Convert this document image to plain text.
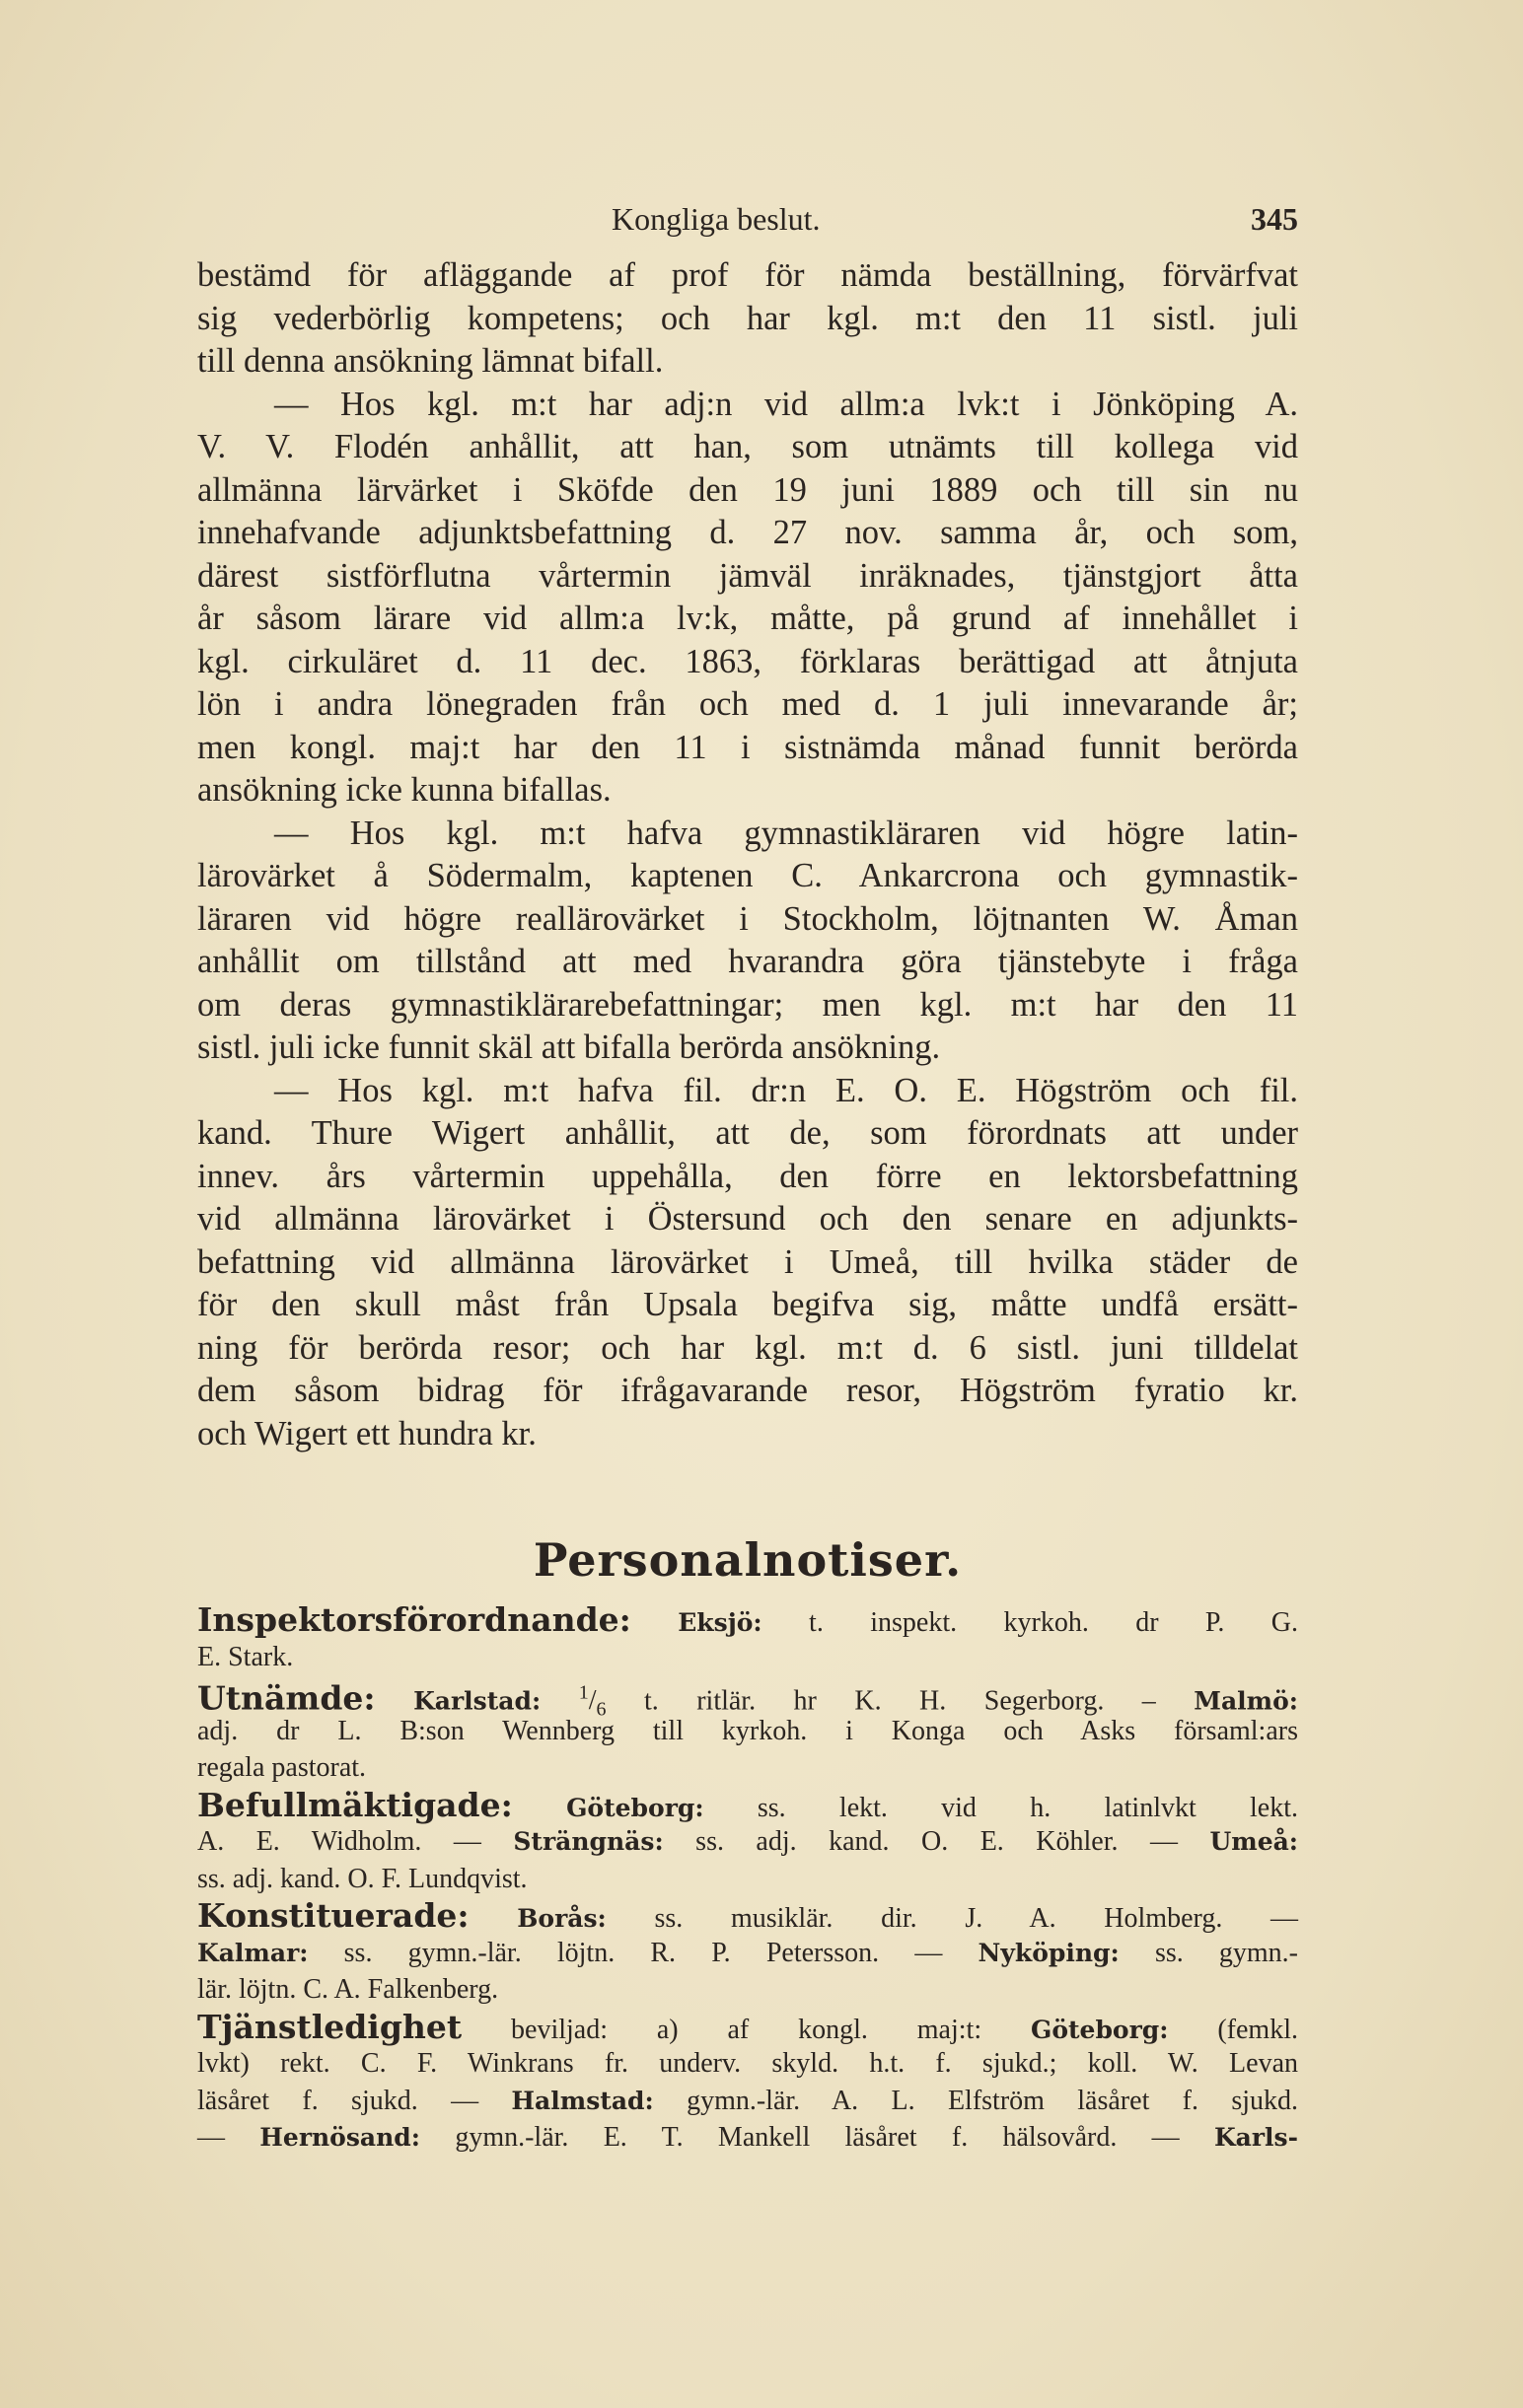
Kongliga beslut.	345
bestämd för afläggande af prof för nämda beställning, förvärfvat
sig vederbörlig kompetens; och har kgl. m:t den 11 sistl. juli
till denna ansökning lämnat bifall.
— Hos kgl. m:t har adj:n vid allm:a lvk:t i Jönköping A.
V. V. Flodén anhållit, att han, som utnämts till kollega vid
allmänna lärvärket i Sköfde den 19 juni 1889 och till sin nu
innehafvande adjunktsbefattning d. 27 nov. samma år, och som,
därest sistförflutna vårtermin jämväl inräknades, tjänstgjort åtta
år såsom lärare vid allm:a lv:k, måtte, på grund af innehållet i
kgl. cirkuläret d. 11 dec. 1863, förklaras berättigad att åtnjuta
lön i andra lönegraden från och med d. 1 juli innevarande år;
men kongl. maj:t har den 11 i sistnämda månad funnit berörda
ansökning icke kunna bifallas.
— Hos kgl. m:t hafva gymnastikläraren vid högre latin-
lärovärket å Södermalm, kaptenen C. Ankarcrona och gymnastik-
läraren vid högre reallärovärket i Stockholm, löjtnanten W. Åman
anhållit om tillstånd att med hvarandra göra tjänstebyte i fråga
om deras gymnastiklärarebefattningar; men kgl. m:t har den 11
sistl. juli icke funnit skäl att bifalla berörda ansökning.
— Hos kgl. m:t hafva fil. dr:n E. O. E. Högström och fil.
kand. Thure Wigert anhållit, att de, som förordnats att under
innev. års vårtermin uppehålla, den förre en lektorsbefattning
vid allmänna lärovärket i Östersund och den senare en adjunkts-
befattning vid allmänna lärovärket i Umeå, till hvilka städer de
för den skull måst från Upsala begifva sig, måtte undfå ersätt-
ning för berörda resor; och har kgl. m:t d. 6 sistl. juni tilldelat
dem såsom bidrag för ifrågavarande resor, Högström fyratio kr.
och Wigert ett hundra kr.
Personalnotiser.
Inspektorsförordnande: Eksjö: t. inspekt. kyrkoh. dr P. G.
E. Stark.
Utnämde: Karlstad: $^1/_6$ t. ritlär. hr K. H. Segerborg. – Malmö:
adj. dr L. B:son Wennberg till kyrkoh. i Konga och Asks församl:ars
regala pastorat.
Befullmäktigade: Göteborg: ss. lekt. vid h. latinlvkt lekt.
A. E. Widholm. — Strängnäs: ss. adj. kand. O. E. Köhler. — Umeå:
ss. adj. kand. O. F. Lundqvist.
Konstituerade: Borås: ss. musiklär. dir. J. A. Holmberg. —
Kalmar: ss. gymn.-lär. löjtn. R. P. Petersson. — Nyköping: ss. gymn.-
lär. löjtn. C. A. Falkenberg.
Tjänstledighet beviljad: a) af kongl. maj:t: Göteborg: (femkl.
lvkt) rekt. C. F. Winkrans fr. underv. skyld. h.t. f. sjukd.; koll. W. Levan
läsåret f. sjukd. — Halmstad: gymn.-lär. A. L. Elfström läsåret f. sjukd.
— Hernösand: gymn.-lär. E. T. Mankell läsåret f. hälsovård. — Karls-
